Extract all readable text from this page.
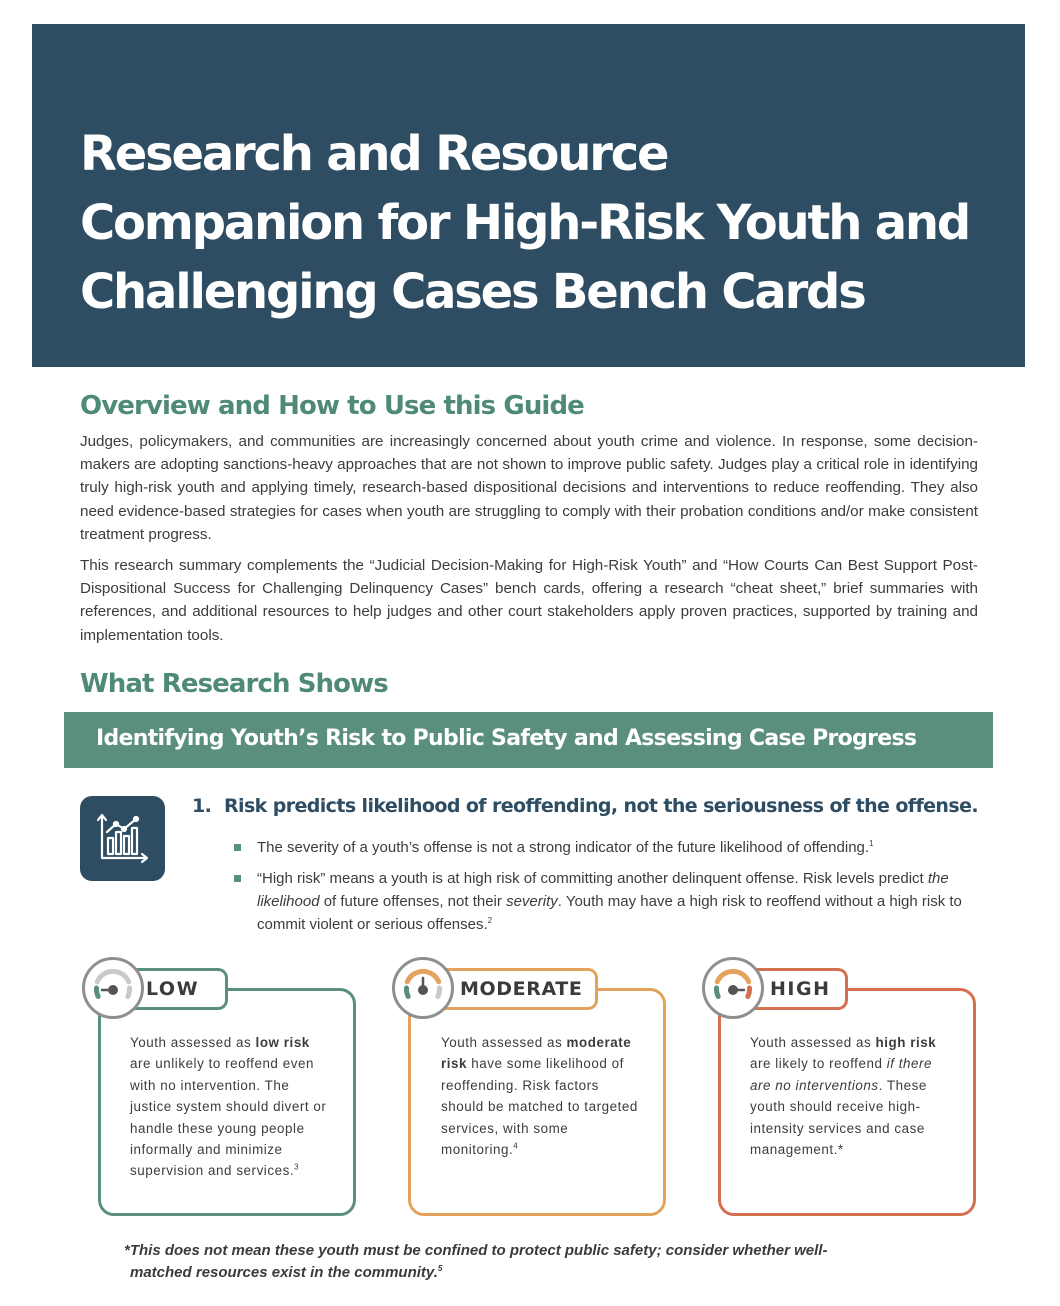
Research and Resource
Companion for High-Risk Youth and
Challenging Cases Bench Cards
Overview and How to Use this Guide

Judges, policymakers, and communities are increasingly concerned about youth crime and violence. In response, some decision-makers are adopting sanctions-heavy approaches that are not shown to improve public safety. Judges play a critical role in identifying truly high-risk youth and applying timely, research-based dispositional decisions and interventions to reduce reoffending. They also need evidence-based strategies for cases when youth are struggling to comply with their probation conditions and/or make consistent treatment progress.

This research summary complements the “Judicial Decision-Making for High-Risk Youth” and “How Courts Can Best Support Post-Dispositional Success for Challenging Delinquency Cases” bench cards, offering a research “cheat sheet,” brief summaries with references, and additional resources to help judges and other court stakeholders apply proven practices, supported by training and implementation tools.

What Research Shows
Identifying Youth’s Risk to Public Safety and Assessing Case Progress
1. Risk predicts likelihood of reoffending, not the seriousness of the offense.
The severity of a youth’s offense is not a strong indicator of the future likelihood of offending.$^1$
“High risk” means a youth is at high risk of committing another delinquent offense. Risk levels predict the likelihood of future offenses, not their severity. Youth may have a high risk to reoffend without a high risk to commit violent or serious offenses.$^2$
LOW
Youth assessed as low risk are unlikely to reoffend even with no intervention. The justice system should divert or handle these young people informally and minimize supervision and services.$^3$
MODERATE
Youth assessed as moderate risk have some likelihood of reoffending. Risk factors should be matched to targeted services, with some monitoring.$^4$
HIGH
Youth assessed as high risk are likely to reoffend if there are no interventions. These youth should receive high-intensity services and case management.*
*This does not mean these youth must be confined to protect public safety; consider whether well-
matched resources exist in the community.$^5$
